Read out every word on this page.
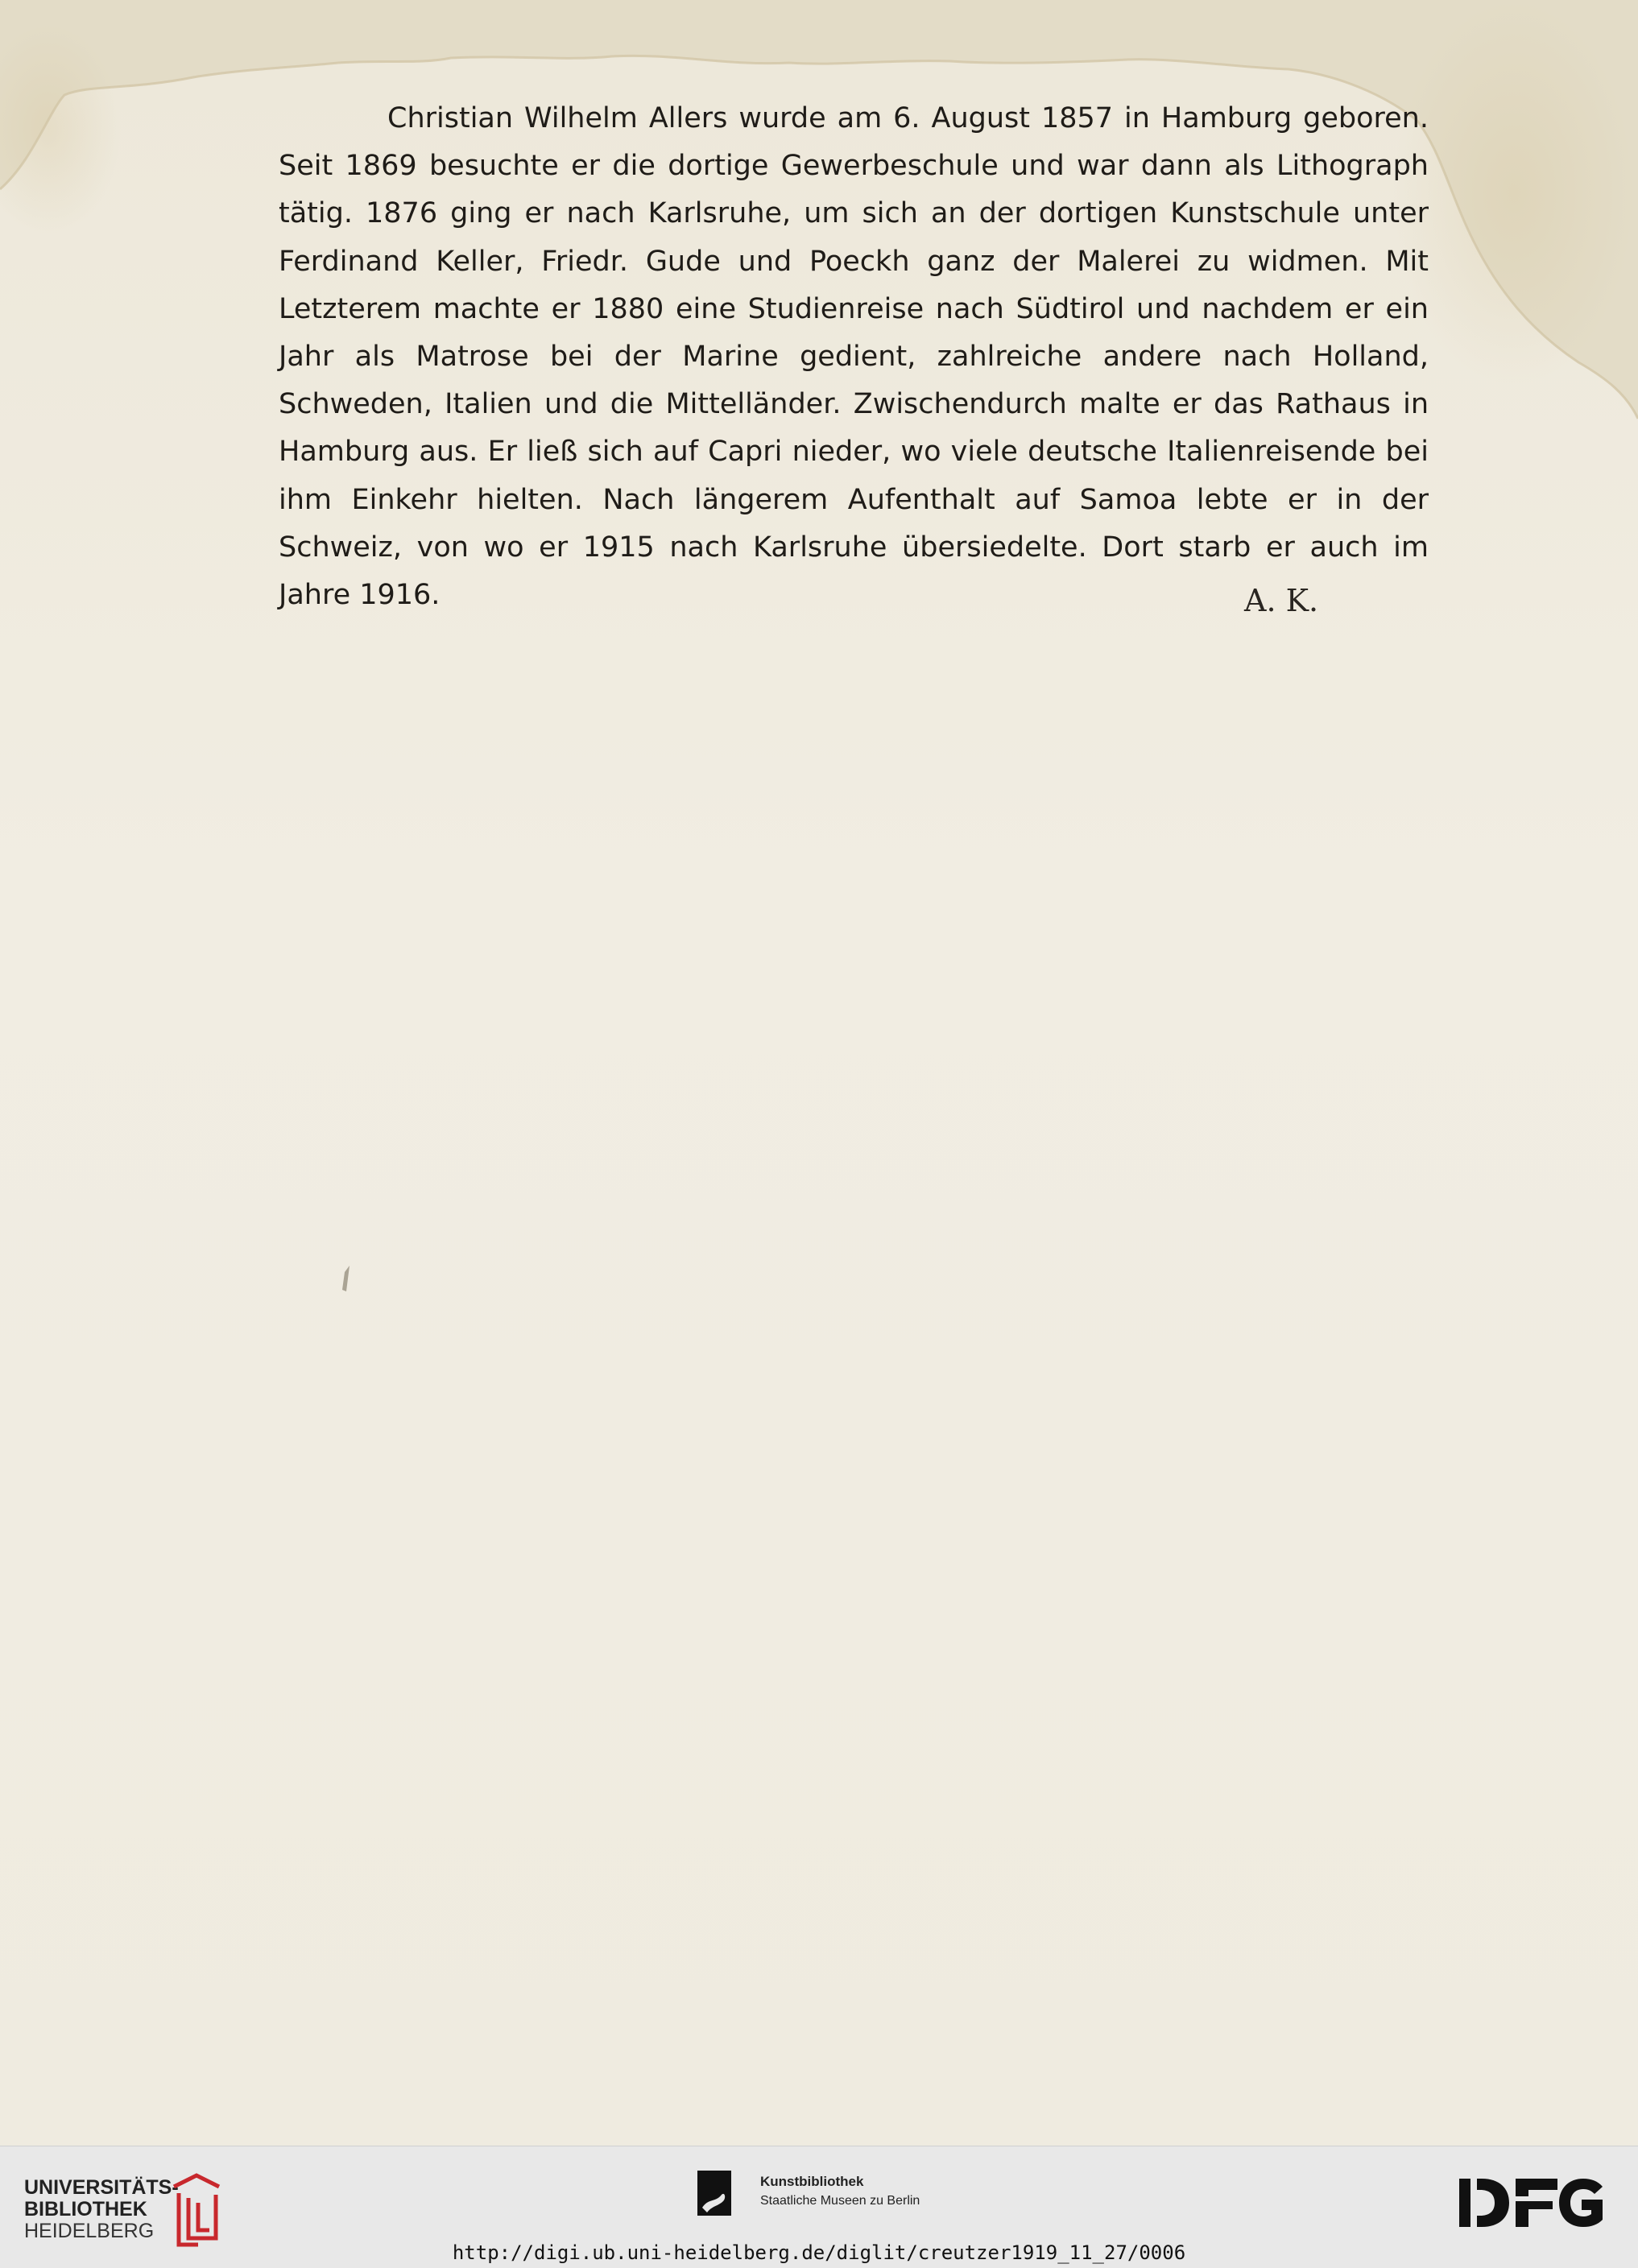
Christian Wilhelm Allers wurde am 6. August 1857 in Hamburg geboren. Seit 1869 besuchte er die dortige Gewerbeschule und war dann als Lithograph tätig. 1876 ging er nach Karlsruhe, um sich an der dortigen Kunstschule unter Ferdinand Keller, Friedr. Gude und Poeckh ganz der Malerei zu widmen. Mit Letzterem machte er 1880 eine Studienreise nach Südtirol und nachdem er ein Jahr als Matrose bei der Marine gedient, zahlreiche andere nach Holland, Schweden, Italien und die Mittelländer. Zwischendurch malte er das Rathaus in Hamburg aus. Er ließ sich auf Capri nieder, wo viele deutsche Italienreisende bei ihm Einkehr hielten. Nach längerem Aufenthalt auf Samoa lebte er in der Schweiz, von wo er 1915 nach Karlsruhe übersiedelte. Dort starb er auch im Jahre 1916.	A. K.
UNIVERSITÄTS-
BIBLIOTHEK
HEIDELBERG
Kunstbibliothek
Staatliche Museen zu Berlin
http://digi.ub.uni-heidelberg.de/diglit/creutzer1919_11_27/0006
